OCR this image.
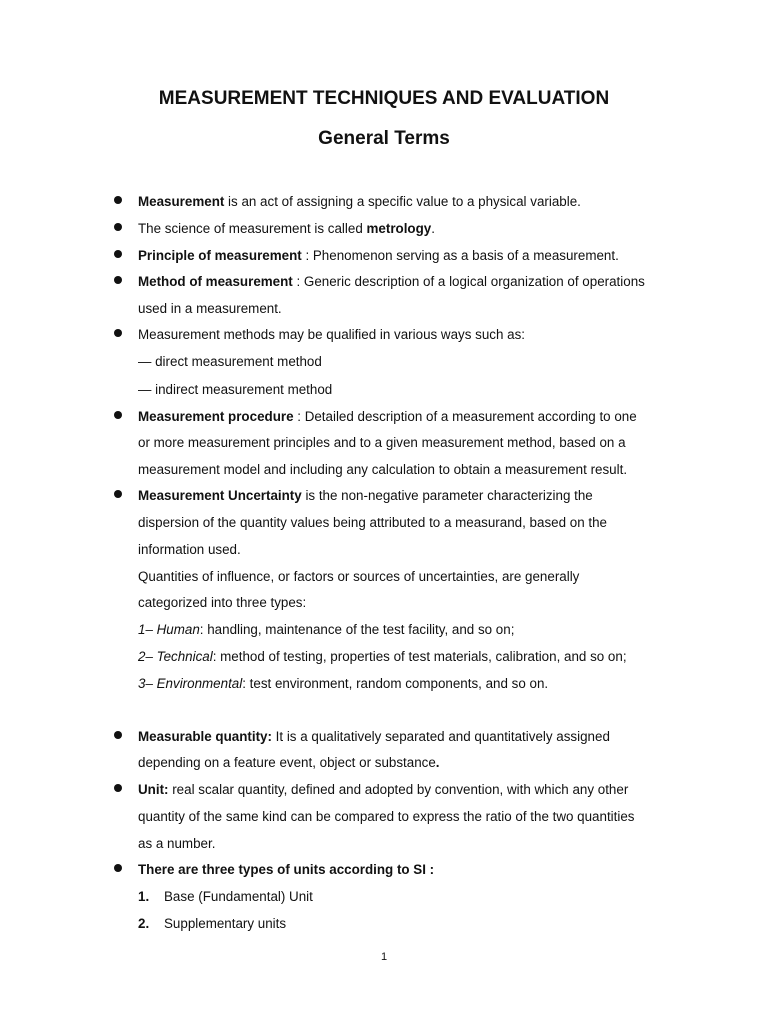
MEASUREMENT TECHNIQUES AND EVALUATION
General Terms
Measurement is an act of assigning a specific value to a physical variable.
The science of measurement is called metrology.
Principle of measurement : Phenomenon serving as a basis of a measurement.
Method of measurement : Generic description of a logical organization of operations
used in a measurement.
Measurement methods may be qualified in various ways such as:
— direct measurement method
— indirect measurement method
Measurement procedure : Detailed description of a measurement according to one
or more measurement principles and to a given measurement method, based on a
measurement model and including any calculation to obtain a measurement result.
Measurement Uncertainty is the non-negative parameter characterizing the
dispersion of the quantity values being attributed to a measurand, based on the
information used.
Quantities of influence, or factors or sources of uncertainties, are generally
categorized into three types:
1– Human: handling, maintenance of the test facility, and so on;
2– Technical: method of testing, properties of test materials, calibration, and so on;
3– Environmental: test environment, random components, and so on.
Measurable quantity: It is a qualitatively separated and quantitatively assigned
depending on a feature event, object or substance.
Unit: real scalar quantity, defined and adopted by convention, with which any other
quantity of the same kind can be compared to express the ratio of the two quantities
as a number.
There are three types of units according to SI :
1. Base (Fundamental) Unit
2. Supplementary units
1
